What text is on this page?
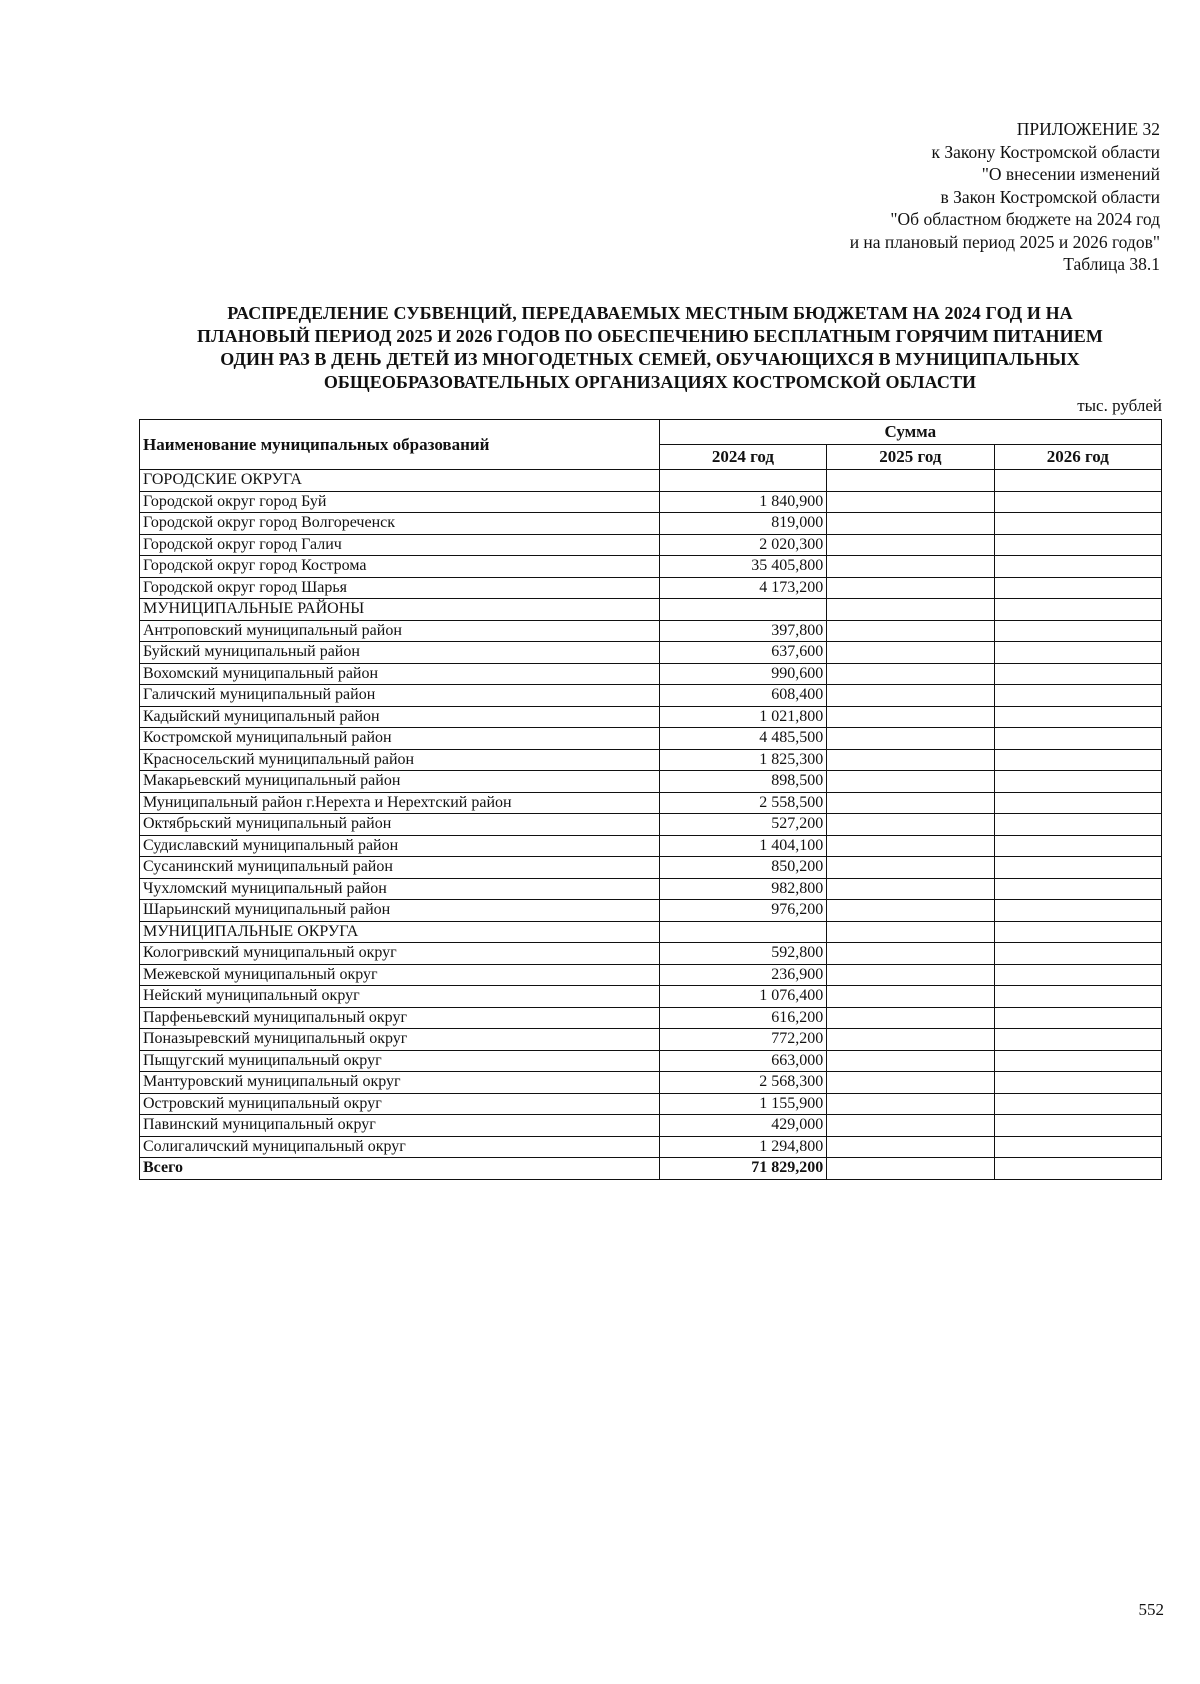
ПРИЛОЖЕНИЕ 32
к Закону Костромской области
"О внесении изменений
в Закон Костромской области
"Об областном бюджете на 2024 год
и на плановый период 2025 и 2026 годов"
Таблица 38.1
РАСПРЕДЕЛЕНИЕ СУБВЕНЦИЙ, ПЕРЕДАВАЕМЫХ МЕСТНЫМ БЮДЖЕТАМ НА 2024 ГОД И НА
ПЛАНОВЫЙ ПЕРИОД 2025 И 2026 ГОДОВ ПО ОБЕСПЕЧЕНИЮ БЕСПЛАТНЫМ ГОРЯЧИМ ПИТАНИЕМ
ОДИН РАЗ В ДЕНЬ ДЕТЕЙ ИЗ МНОГОДЕТНЫХ СЕМЕЙ, ОБУЧАЮЩИХСЯ В МУНИЦИПАЛЬНЫХ
ОБЩЕОБРАЗОВАТЕЛЬНЫХ ОРГАНИЗАЦИЯХ КОСТРОМСКОЙ ОБЛАСТИ
тыс. рублей
Наименование муниципальных образований	Сумма		
	2024 год	2025 год	2026 год
ГОРОДСКИЕ ОКРУГА			
Городской округ город Буй	1 840,900		
Городской округ город Волгореченск	819,000		
Городской округ город Галич	2 020,300		
Городской округ город Кострома	35 405,800		
Городской округ город Шарья	4 173,200		
МУНИЦИПАЛЬНЫЕ РАЙОНЫ			
Антроповский муниципальный район	397,800		
Буйский муниципальный район	637,600		
Вохомский муниципальный район	990,600		
Галичский муниципальный район	608,400		
Кадыйский муниципальный район	1 021,800		
Костромской муниципальный район	4 485,500		
Красносельский муниципальный район	1 825,300		
Макарьевский муниципальный район	898,500		
Муниципальный район г.Нерехта и Нерехтский район	2 558,500		
Октябрьский муниципальный район	527,200		
Судиславский муниципальный район	1 404,100		
Сусанинский муниципальный район	850,200		
Чухломский муниципальный район	982,800		
Шарьинский муниципальный район	976,200		
МУНИЦИПАЛЬНЫЕ ОКРУГА			
Кологривский муниципальный округ	592,800		
Межевской муниципальный округ	236,900		
Нейский муниципальный округ	1 076,400		
Парфеньевский муниципальный округ	616,200		
Поназыревский муниципальный округ	772,200		
Пыщугский муниципальный округ	663,000		
Мантуровский муниципальный округ	2 568,300		
Островский муниципальный округ	1 155,900		
Павинский муниципальный округ	429,000		
Солигаличский муниципальный округ	1 294,800		
Всего	71 829,200		
552
